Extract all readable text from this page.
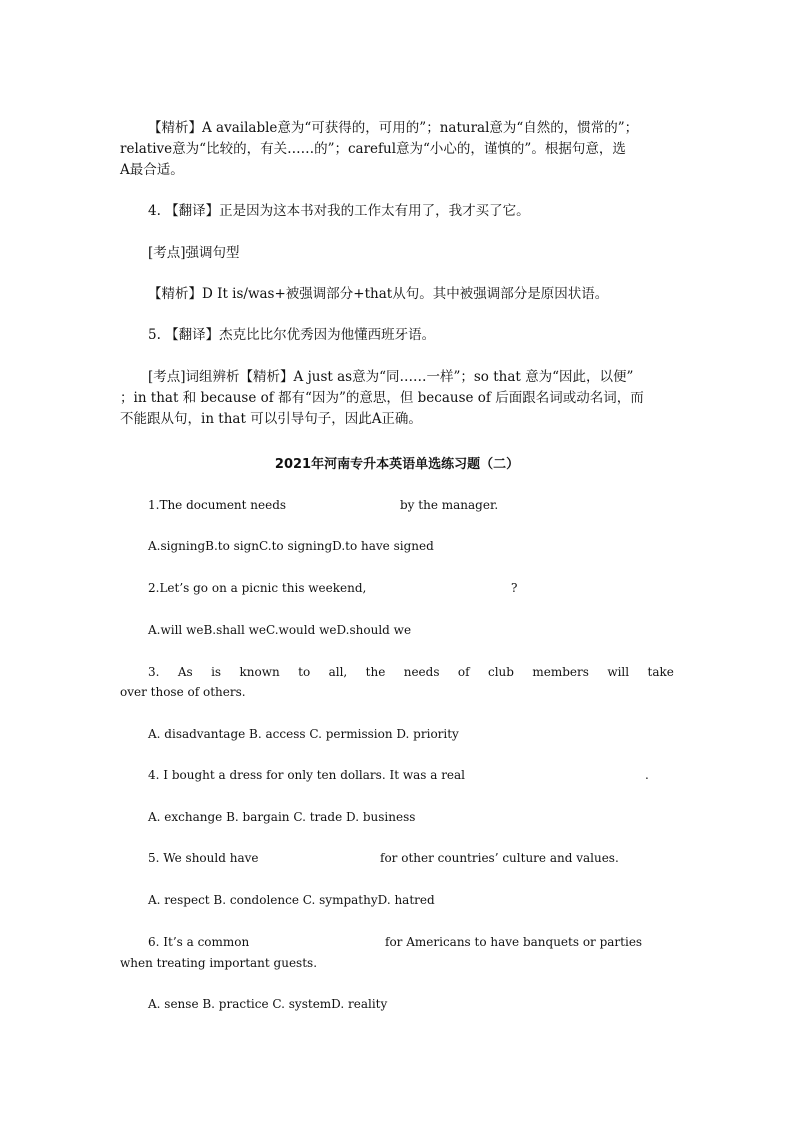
【精析】A available意为“可获得的，可用的”；natural意为“自然的，惯常的”；
relative意为“比较的，有关……的”；careful意为“小心的，谨慎的”。根据句意，选
A最合适。
4. 【翻译】正是因为这本书对我的工作太有用了，我才买了它。
[考点]强调句型
【精析】D It is/was+被强调部分+that从句。其中被强调部分是原因状语。
5. 【翻译】杰克比比尔优秀因为他懂西班牙语。
[考点]词组辨析【精析】A just as意为“同……一样”；so that 意为“因此，以便”
；in that 和 because of 都有“因为”的意思，但 because of 后面跟名词或动名词，而
不能跟从句，in that 可以引导句子，因此A正确。
2021年河南专升本英语单选练习题（二）
1.The document needs	by the manager.
A.signingB.to signC.to signingD.to have signed
2.Let’s go on a picnic this weekend,	?
A.will weB.shall weC.would weD.should we
3. As is known to all, the needs of club members will take
over those of others.
A. disadvantage B. access C. permission D. priority
4. I bought a dress for only ten dollars. It was a real	.
A. exchange B. bargain C. trade D. business
5. We should have	for other countries’ culture and values.
A. respect B. condolence C. sympathyD. hatred
6. It’s a common	for Americans to have banquets or parties
when treating important guests.
A. sense B. practice C. systemD. reality
